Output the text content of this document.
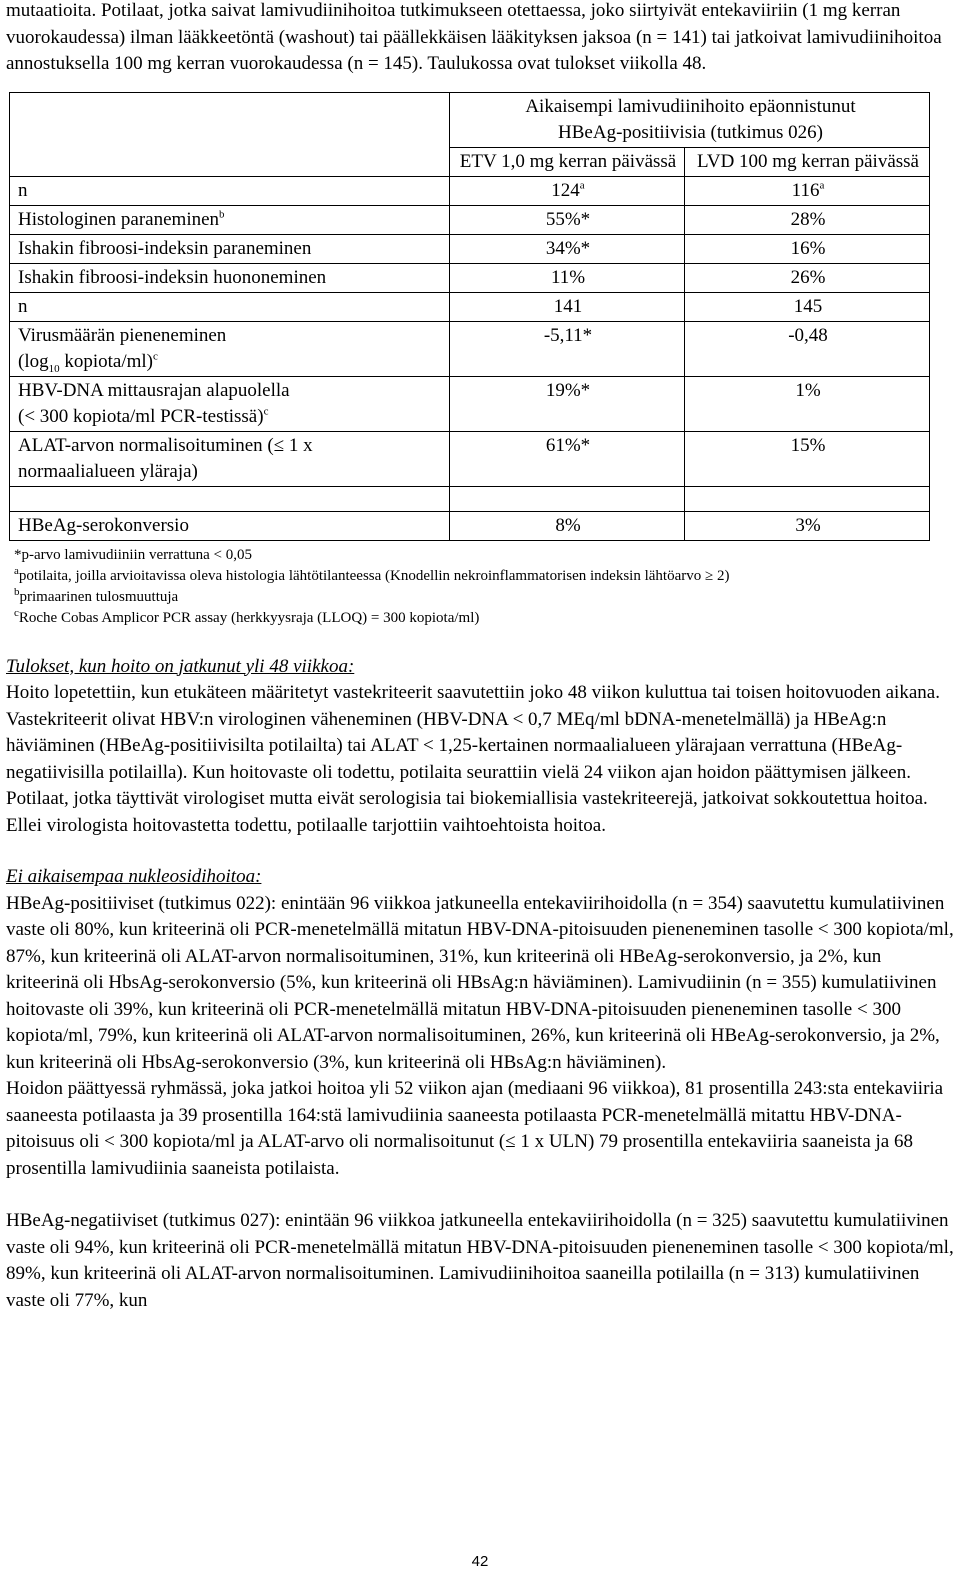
mutaatioita. Potilaat, jotka saivat lamivudiinihoitoa tutkimukseen otettaessa, joko siirtyivät entekaviiriin (1 mg kerran vuorokaudessa) ilman lääkkeetöntä (washout) tai päällekkäisen lääkityksen jaksoa (n = 141) tai jatkoivat lamivudiinihoitoa annostuksella 100 mg kerran vuorokaudessa (n = 145). Taulukossa ovat tulokset viikolla 48.

	Aikaisempi lamivudiinihoito epäonnistunut
HBeAg-positiivisia (tutkimus 026)	

	ETV 1,0 mg kerran päivässä	LVD 100 mg kerran päivässä
n	124$^a$	116$^a$
Histologinen paraneminen$^b$	55%*	28%
Ishakin fibroosi-indeksin paraneminen	34%*	16%
Ishakin fibroosi-indeksin huononeminen	11%	26%
n	141	145

Virusmäärän pieneneminen
($\log_{10}$ kopiota/ml)$^c$	-5,11*	-0,48

HBV-DNA mittausrajan alapuolella
(< 300 kopiota/ml PCR-testissä)$^c$	19%*	1%

ALAT-arvon normalisoituminen (≤ 1 x
normaalialueen yläraja)	61%*	15%

HBeAg-serokonversio	8%	3%

*p-arvo lamivudiiniin verrattuna < 0,05

$^a$potilaita, joilla arvioitavissa oleva histologia lähtötilanteessa (Knodellin nekroinflammatorisen indeksin lähtöarvo ≥ 2)

$^b$primaarinen tulosmuuttuja

$^c$Roche Cobas Amplicor PCR assay (herkkyysraja (LLOQ) = 300 kopiota/ml)

Tulokset, kun hoito on jatkunut yli 48 viikkoa:

Hoito lopetettiin, kun etukäteen määritetyt vastekriteerit saavutettiin joko 48 viikon kuluttua tai toisen hoitovuoden aikana. Vastekriteerit olivat HBV:n virologinen väheneminen (HBV-DNA < 0,7 MEq/ml bDNA-menetelmällä) ja HBeAg:n häviäminen (HBeAg-positiivisilta potilailta) tai ALAT < 1,25-kertainen normaalialueen ylärajaan verrattuna (HBeAg-negatiivisilla potilailla). Kun hoitovaste oli todettu, potilaita seurattiin vielä 24 viikon ajan hoidon päättymisen jälkeen. Potilaat, jotka täyttivät virologiset mutta eivät serologisia tai biokemiallisia vastekriteerejä, jatkoivat sokkoutettua hoitoa. Ellei virologista hoitovastetta todettu, potilaalle tarjottiin vaihtoehtoista hoitoa.

Ei aikaisempaa nukleosidihoitoa:

HBeAg-positiiviset (tutkimus 022): enintään 96 viikkoa jatkuneella entekaviirihoidolla (n = 354) saavutettu kumulatiivinen vaste oli 80%, kun kriteerinä oli PCR-menetelmällä mitatun HBV-DNA-pitoisuuden pieneneminen tasolle < 300 kopiota/ml, 87%, kun kriteerinä oli ALAT-arvon normalisoituminen, 31%, kun kriteerinä oli HBeAg-serokonversio, ja 2%, kun kriteerinä oli HbsAg-serokonversio (5%, kun kriteerinä oli HBsAg:n häviäminen). Lamivudiinin (n = 355) kumulatiivinen hoitovaste oli 39%, kun kriteerinä oli PCR-menetelmällä mitatun HBV-DNA-pitoisuuden pieneneminen tasolle < 300 kopiota/ml, 79%, kun kriteerinä oli ALAT-arvon normalisoituminen, 26%, kun kriteerinä oli HBeAg-serokonversio, ja 2%, kun kriteerinä oli HbsAg-serokonversio (3%, kun kriteerinä oli HBsAg:n häviäminen).

Hoidon päättyessä ryhmässä, joka jatkoi hoitoa yli 52 viikon ajan (mediaani 96 viikkoa), 81 prosentilla 243:sta entekaviiria saaneesta potilaasta ja 39 prosentilla 164:stä lamivudiinia saaneesta potilaasta PCR-menetelmällä mitattu HBV-DNA-pitoisuus oli < 300 kopiota/ml ja ALAT-arvo oli normalisoitunut (≤ 1 x ULN) 79 prosentilla entekaviiria saaneista ja 68 prosentilla lamivudiinia saaneista potilaista.

HBeAg-negatiiviset (tutkimus 027): enintään 96 viikkoa jatkuneella entekaviirihoidolla (n = 325) saavutettu kumulatiivinen vaste oli 94%, kun kriteerinä oli PCR-menetelmällä mitatun HBV-DNA-pitoisuuden pieneneminen tasolle < 300 kopiota/ml, 89%, kun kriteerinä oli ALAT-arvon normalisoituminen. Lamivudiinihoitoa saaneilla potilailla (n = 313) kumulatiivinen vaste oli 77%, kun

42
